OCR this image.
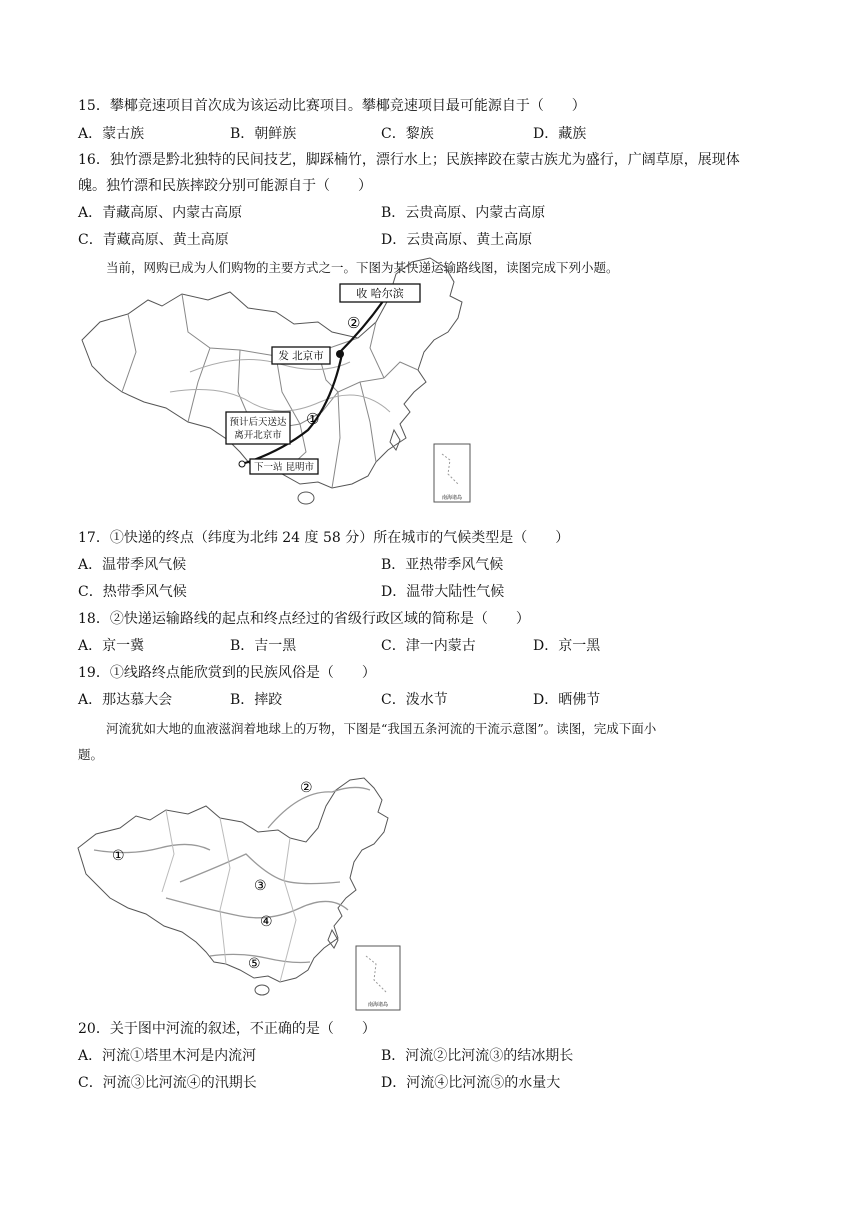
15．攀椰竞速项目首次成为该运动比赛项目。攀椰竞速项目最可能源自于（　　）
A．蒙古族	B．朝鲜族	C．黎族	D．藏族
16．独竹漂是黔北独特的民间技艺，脚踩楠竹，漂行水上；民族摔跤在蒙古族尤为盛行，广阔草原，展现体
魄。独竹漂和民族摔跤分别可能源自于（　　）
A．青藏高原、内蒙古高原	B．云贵高原、内蒙古高原
C．青藏高原、黄土高原	D．云贵高原、黄土高原
当前，网购已成为人们购物的主要方式之一。下图为某快递运输路线图，读图完成下列小题。
收 哈尔滨
发 北京市
预计后天送达
离开北京市
下一站 昆明市
①
②
南海诸岛
17．①快递的终点（纬度为北纬 24 度 58 分）所在城市的气候类型是（　　）
A．温带季风气候	B．亚热带季风气候
C．热带季风气候	D．温带大陆性气候
18．②快递运输路线的起点和终点经过的省级行政区域的简称是（　　）
A．京一冀	B．吉一黑	C．津一内蒙古	D．京一黑
19．①线路终点能欣赏到的民族风俗是（　　）
A．那达慕大会	B．摔跤	C．泼水节	D．晒佛节
河流犹如大地的血液滋润着地球上的万物，下图是“我国五条河流的干流示意图”。读图，完成下面小
题。
①
②
③
④
⑤
南海诸岛
20．关于图中河流的叙述，不正确的是（　　）
A．河流①塔里木河是内流河	B．河流②比河流③的结冰期长
C．河流③比河流④的汛期长	D．河流④比河流⑤的水量大
